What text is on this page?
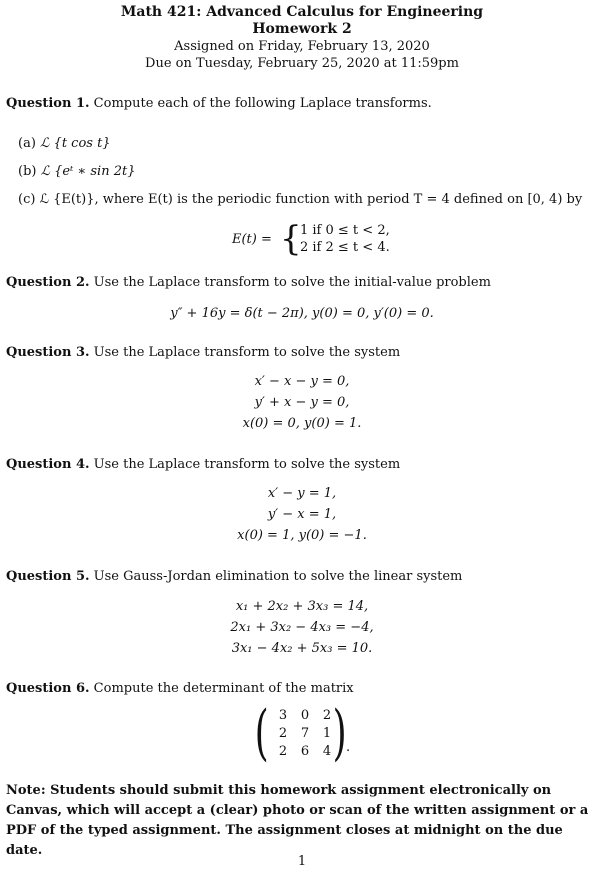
Math 421: Advanced Calculus for Engineering
Homework 2
Assigned on Friday, February 13, 2020
Due on Tuesday, February 25, 2020 at 11:59pm
Question 1. Compute each of the following Laplace transforms.
(a) ℒ {t cos t}
(b) ℒ {eᵗ ∗ sin 2t}
(c) ℒ {E(t)}, where E(t) is the periodic function with period T = 4 defined on [0, 4) by
E(t) = {
1 if 0 ≤ t < 2,
2 if 2 ≤ t < 4.
Question 2. Use the Laplace transform to solve the initial-value problem
y″ + 16y = δ(t − 2π), y(0) = 0, y′(0) = 0.
Question 3. Use the Laplace transform to solve the system
x′ − x − y = 0,
y′ + x − y = 0,
x(0) = 0, y(0) = 1.
Question 4. Use the Laplace transform to solve the system
x′ − y = 1,
y′ − x = 1,
x(0) = 1, y(0) = −1.
Question 5. Use Gauss-Jordan elimination to solve the linear system
x₁ + 2x₂ + 3x₃ = 14,
2x₁ + 3x₂ − 4x₃ = −4,
3x₁ − 4x₂ + 5x₃ = 10.
Question 6. Compute the determinant of the matrix
( 3	0	2
2	7	1
2	6	4 ) .
Note: Students should submit this homework assignment electronically on Canvas, which will accept a (clear) photo or scan of the written assignment or a PDF of the typed assignment. The assignment closes at midnight on the due date.
1
